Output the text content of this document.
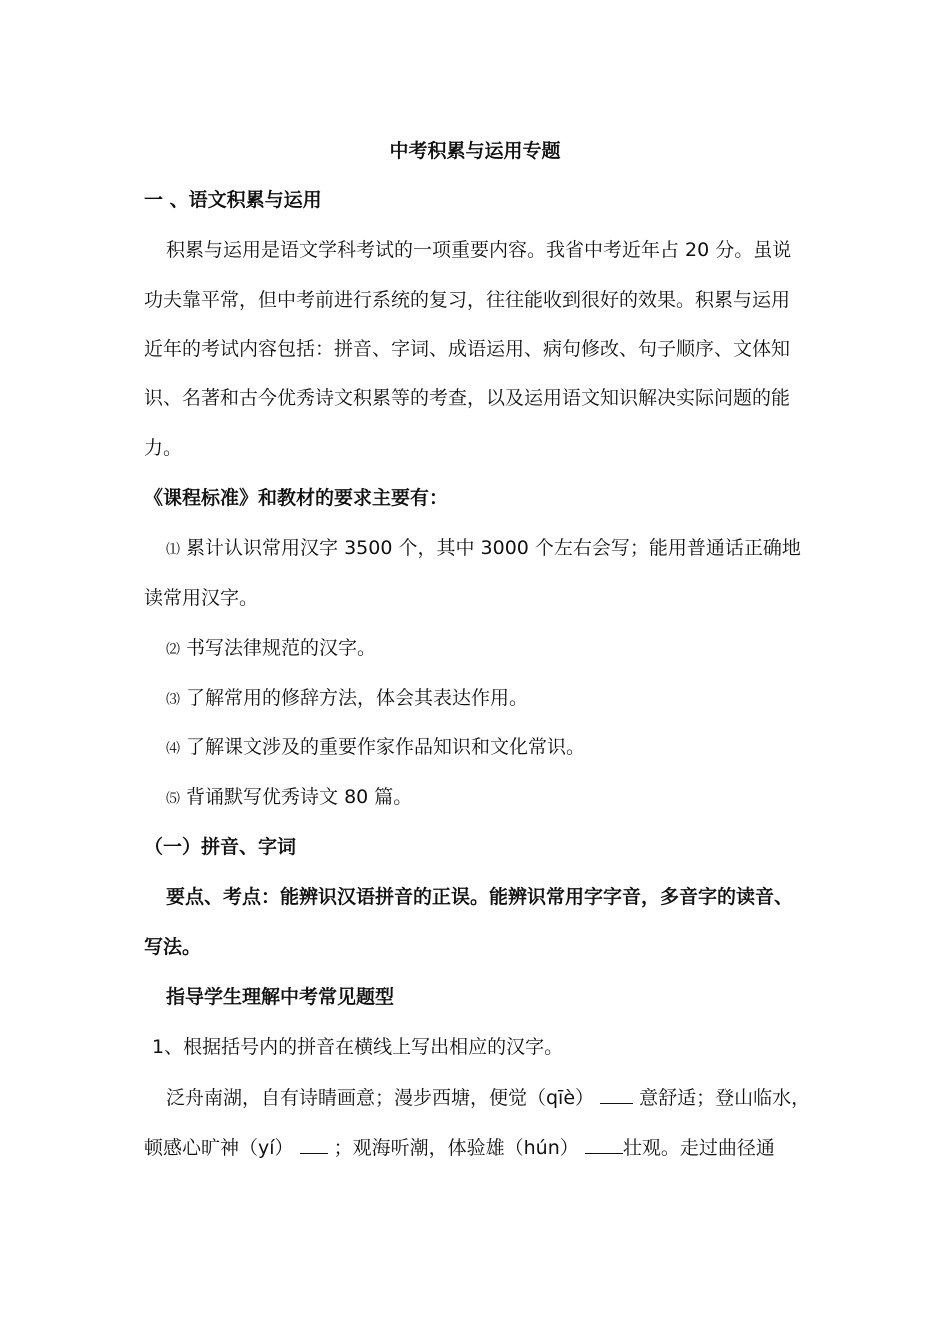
中考积累与运用专题
一 、语文积累与运用
积累与运用是语文学科考试的一项重要内容。我省中考近年占 20 分。虽说
功夫靠平常，但中考前进行系统的复习，往往能收到很好的效果。积累与运用
近年的考试内容包括：拼音、字词、成语运用、病句修改、句子顺序、文体知
识、名著和古今优秀诗文积累等的考查，以及运用语文知识解决实际问题的能
力。
《课程标准》和教材的要求主要有：
⑴ 累计认识常用汉字 3500 个，其中 3000 个左右会写；能用普通话正确地
读常用汉字。
⑵ 书写法律规范的汉字。
⑶ 了解常用的修辞方法，体会其表达作用。
⑷ 了解课文涉及的重要作家作品知识和文化常识。
⑸ 背诵默写优秀诗文 80 篇。
（一）拼音、字词
要点、考点：能辨识汉语拼音的正误。能辨识常用字字音，多音字的读音、
写法。
指导学生理解中考常见题型
1、根据括号内的拼音在横线上写出相应的汉字。
泛舟南湖，自有诗睛画意；漫步西塘，便觉（qīè） 意舒适；登山临水，
顿感心旷神（yí） ；观海听潮，体验雄（hún） 壮观。走过曲径通
